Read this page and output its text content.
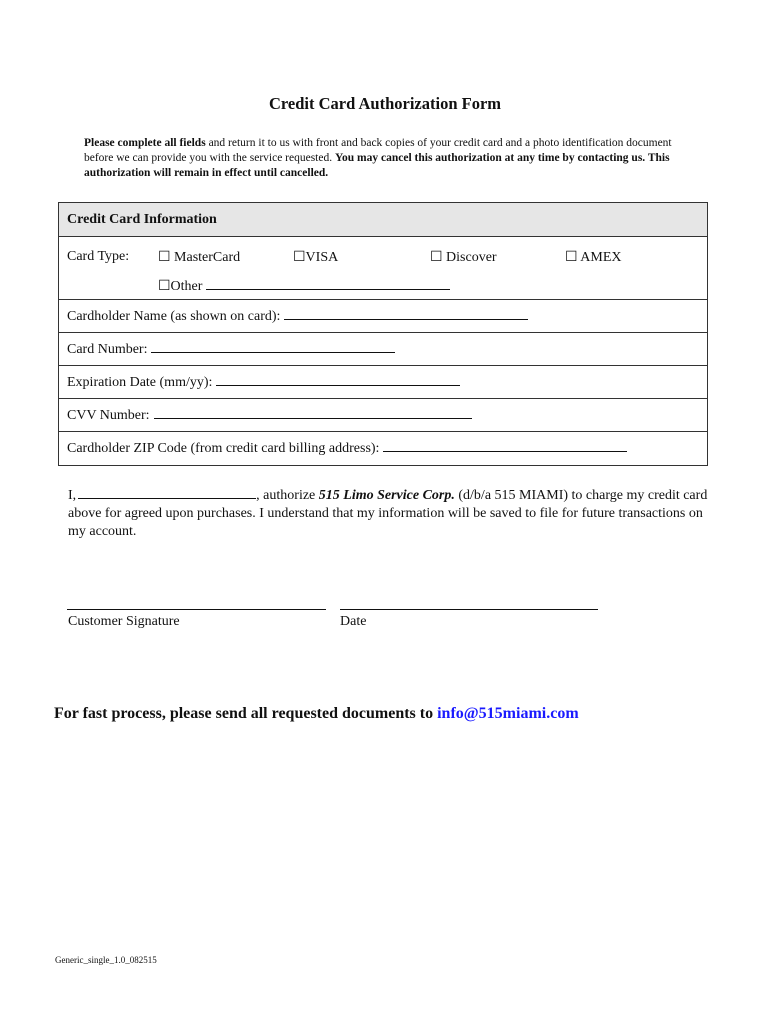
Credit Card Authorization Form
Please complete all fields and return it to us with front and back copies of your credit card and a photo identification document before we can provide you with the service requested. You may cancel this authorization at any time by contacting us. This authorization will remain in effect until cancelled.
Credit Card Information
Card Type: ☐ MasterCard	☐VISA	☐ Discover	☐ AMEX
☐Other
Cardholder Name (as shown on card):
Card Number:
Expiration Date (mm/yy):
CVV Number:
Cardholder ZIP Code (from credit card billing address):
I,	, authorize 515 Limo Service Corp. (d/b/a 515 MIAMI) to charge my credit card above for agreed upon purchases. I understand that my information will be saved to file for future transactions on my account.
Customer Signature	Date
For fast process, please send all requested documents to info@515miami.com
Generic_single_1.0_082515
